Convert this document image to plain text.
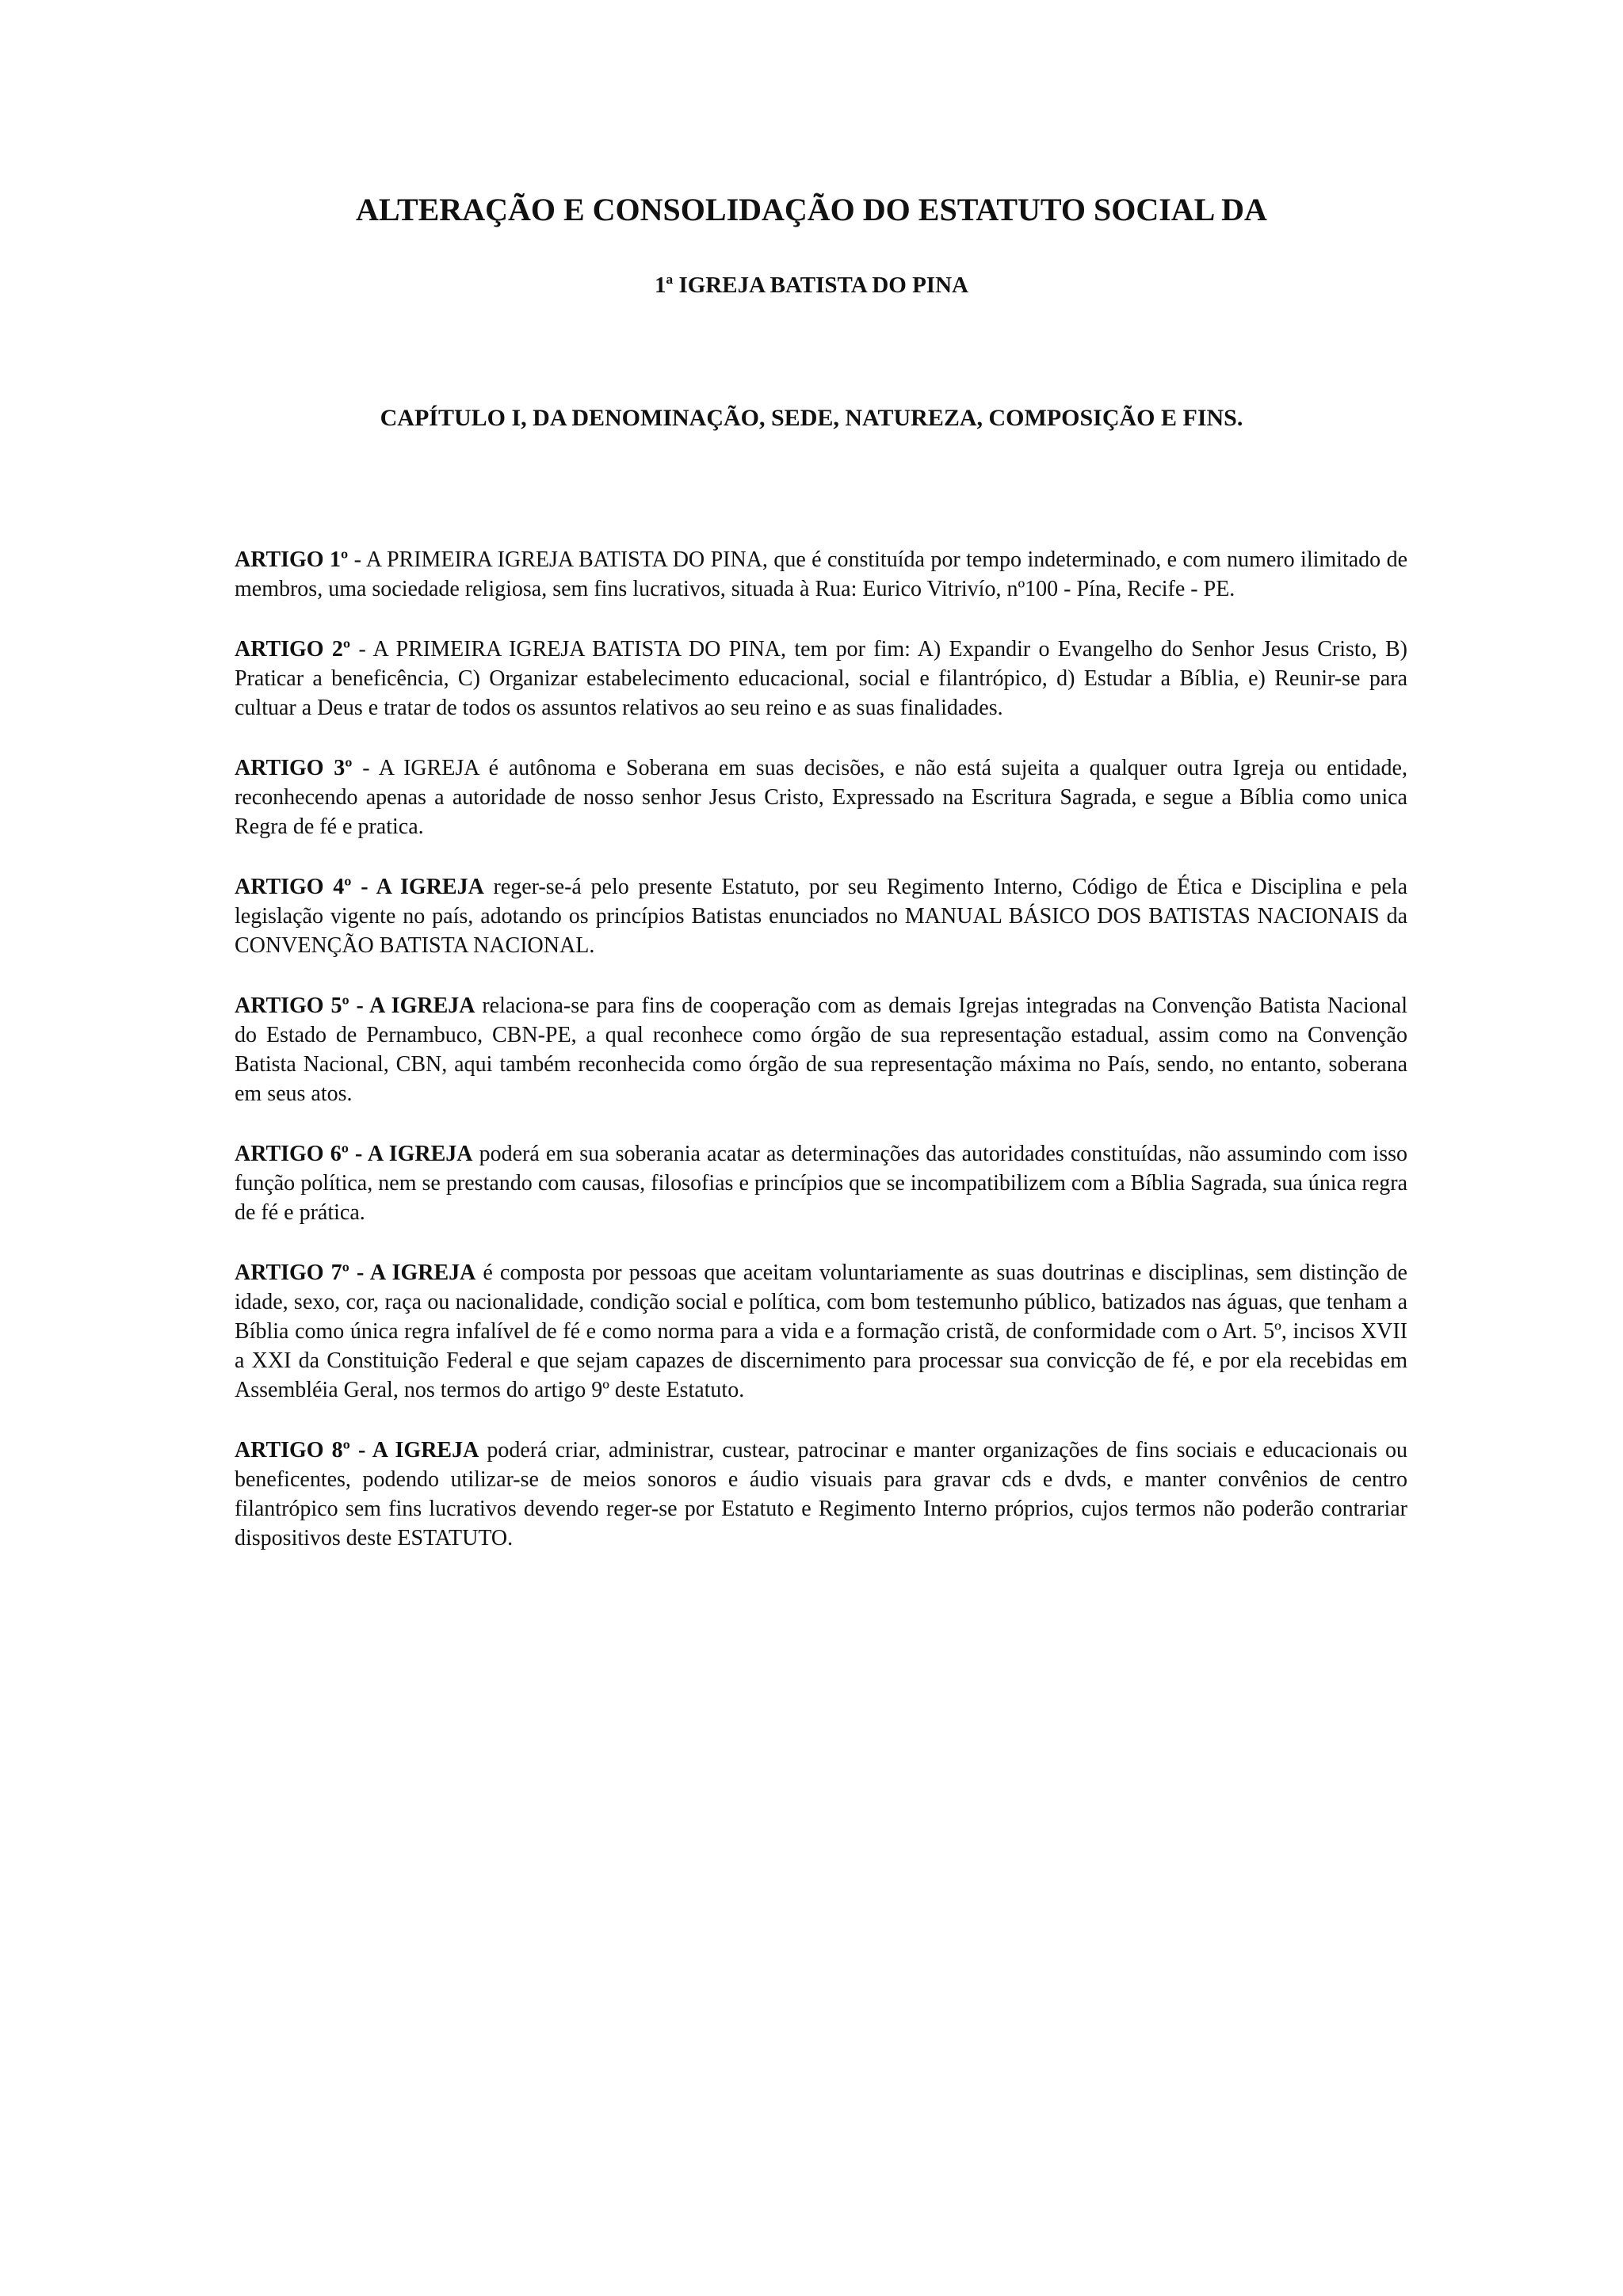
ALTERAÇÃO E CONSOLIDAÇÃO DO ESTATUTO SOCIAL DA
1ª IGREJA BATISTA DO PINA
CAPÍTULO I, DA DENOMINAÇÃO, SEDE, NATUREZA, COMPOSIÇÃO E FINS.

ARTIGO 1º - A PRIMEIRA IGREJA BATISTA DO PINA, que é constituída por tempo indeterminado, e com numero ilimitado de membros, uma sociedade religiosa, sem fins lucrativos, situada à Rua: Eurico Vitrivío, nº100 - Pína, Recife - PE.

ARTIGO 2º - A PRIMEIRA IGREJA BATISTA DO PINA, tem por fim: A) Expandir o Evangelho do Senhor Jesus Cristo, B) Praticar a beneficência, C) Organizar estabelecimento educacional, social e filantrópico, d) Estudar a Bíblia, e) Reunir-se para cultuar a Deus e tratar de todos os assuntos relativos ao seu reino e as suas finalidades.

ARTIGO 3º - A IGREJA é autônoma e Soberana em suas decisões, e não está sujeita a qualquer outra Igreja ou entidade, reconhecendo apenas a autoridade de nosso senhor Jesus Cristo, Expressado na Escritura Sagrada, e segue a Bíblia como unica Regra de fé e pratica.

ARTIGO 4º - A IGREJA reger-se-á pelo presente Estatuto, por seu Regimento Interno, Código de Ética e Disciplina e pela legislação vigente no país, adotando os princípios Batistas enunciados no MANUAL BÁSICO DOS BATISTAS NACIONAIS da CONVENÇÃO BATISTA NACIONAL.

ARTIGO 5º - A IGREJA relaciona-se para fins de cooperação com as demais Igrejas integradas na Convenção Batista Nacional do Estado de Pernambuco, CBN-PE, a qual reconhece como órgão de sua representação estadual, assim como na Convenção Batista Nacional, CBN, aqui também reconhecida como órgão de sua representação máxima no País, sendo, no entanto, soberana em seus atos.

ARTIGO 6º - A IGREJA poderá em sua soberania acatar as determinações das autoridades constituídas, não assumindo com isso função política, nem se prestando com causas, filosofias e princípios que se incompatibilizem com a Bíblia Sagrada, sua única regra de fé e prática.

ARTIGO 7º - A IGREJA é composta por pessoas que aceitam voluntariamente as suas doutrinas e disciplinas, sem distinção de idade, sexo, cor, raça ou nacionalidade, condição social e política, com bom testemunho público, batizados nas águas, que tenham a Bíblia como única regra infalível de fé e como norma para a vida e a formação cristã, de conformidade com o Art. 5º, incisos XVII a XXI da Constituição Federal e que sejam capazes de discernimento para processar sua convicção de fé, e por ela recebidas em Assembléia Geral, nos termos do artigo 9º deste Estatuto.

ARTIGO 8º - A IGREJA poderá criar, administrar, custear, patrocinar e manter organizações de fins sociais e educacionais ou beneficentes, podendo utilizar-se de meios sonoros e áudio visuais para gravar cds e dvds, e manter convênios de centro filantrópico sem fins lucrativos devendo reger-se por Estatuto e Regimento Interno próprios, cujos termos não poderão contrariar dispositivos deste ESTATUTO.
